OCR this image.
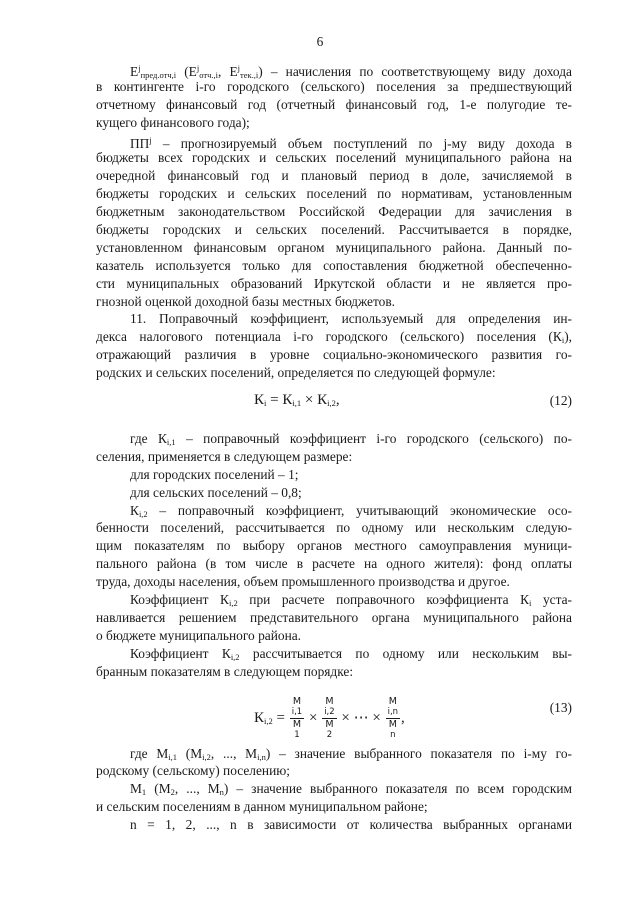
6
$E^j_{пред.отч,i}$ ($E^j_{отч.,i}$, $E^j_{тек.,i}$) – начисления по соответствующему виду дохода
в контингенте i-го городского (сельского) поселения за предшествующий
отчетному финансовый год (отчетный финансовый год, 1-е полугодие те-
кущего финансового года);
$ПП^j$ – прогнозируемый объем поступлений по j-му виду дохода в
бюджеты всех городских и сельских поселений муниципального района на
очередной финансовый год и плановый период в доле, зачисляемой в
бюджеты городских и сельских поселений по нормативам, установленным
бюджетным законодательством Российской Федерации для зачисления в
бюджеты городских и сельских поселений. Рассчитывается в порядке,
установленном финансовым органом муниципального района. Данный по-
казатель используется только для сопоставления бюджетной обеспеченно-
сти муниципальных образований Иркутской области и не является про-
гнозной оценкой доходной базы местных бюджетов.
11. Поправочный коэффициент, используемый для определения ин-
декса налогового потенциала i-го городского (сельского) поселения $(К_i)$,
отражающий различия в уровне социально-экономического развития го-
родских и сельских поселений, определяется по следующей формуле:
$К_i = К_{i,1} \times К_{i,2}$,	(12)
где $К_{i,1}$ – поправочный коэффициент i-го городского (сельского) по-
селения, применяется в следующем размере:
для городских поселений – 1;
для сельских поселений – 0,8;
$К_{i,2}$ – поправочный коэффициент, учитывающий экономические осо-
бенности поселений, рассчитывается по одному или нескольким следую-
щим показателям по выбору органов местного самоуправления муници-
пального района (в том числе в расчете на одного жителя): фонд оплаты
труда, доходы населения, объем промышленного производства и другое.
Коэффициент $К_{i,2}$ при расчете поправочного коэффициента $К_i$ уста-
навливается решением представительного органа муниципального района
о бюджете муниципального района.
Коэффициент $К_{i,2}$ рассчитывается по одному или нескольким вы-
бранным показателям в следующем порядке:
$К_{i,2} = M$
i,1
M
1 × M
i,2
M
2 × ⋯ × M
i,n
M
n ,
(13)
где $M_{i,1}$ ($M_{i,2}$, ..., $M_{i,n}$) – значение выбранного показателя по i-му го-
родскому (сельскому) поселению;
$M_1$ ($M_2$, ..., $M_n$) – значение выбранного показателя по всем городским
и сельским поселениям в данном муниципальном районе;
n = 1, 2, ..., n в зависимости от количества выбранных органами
